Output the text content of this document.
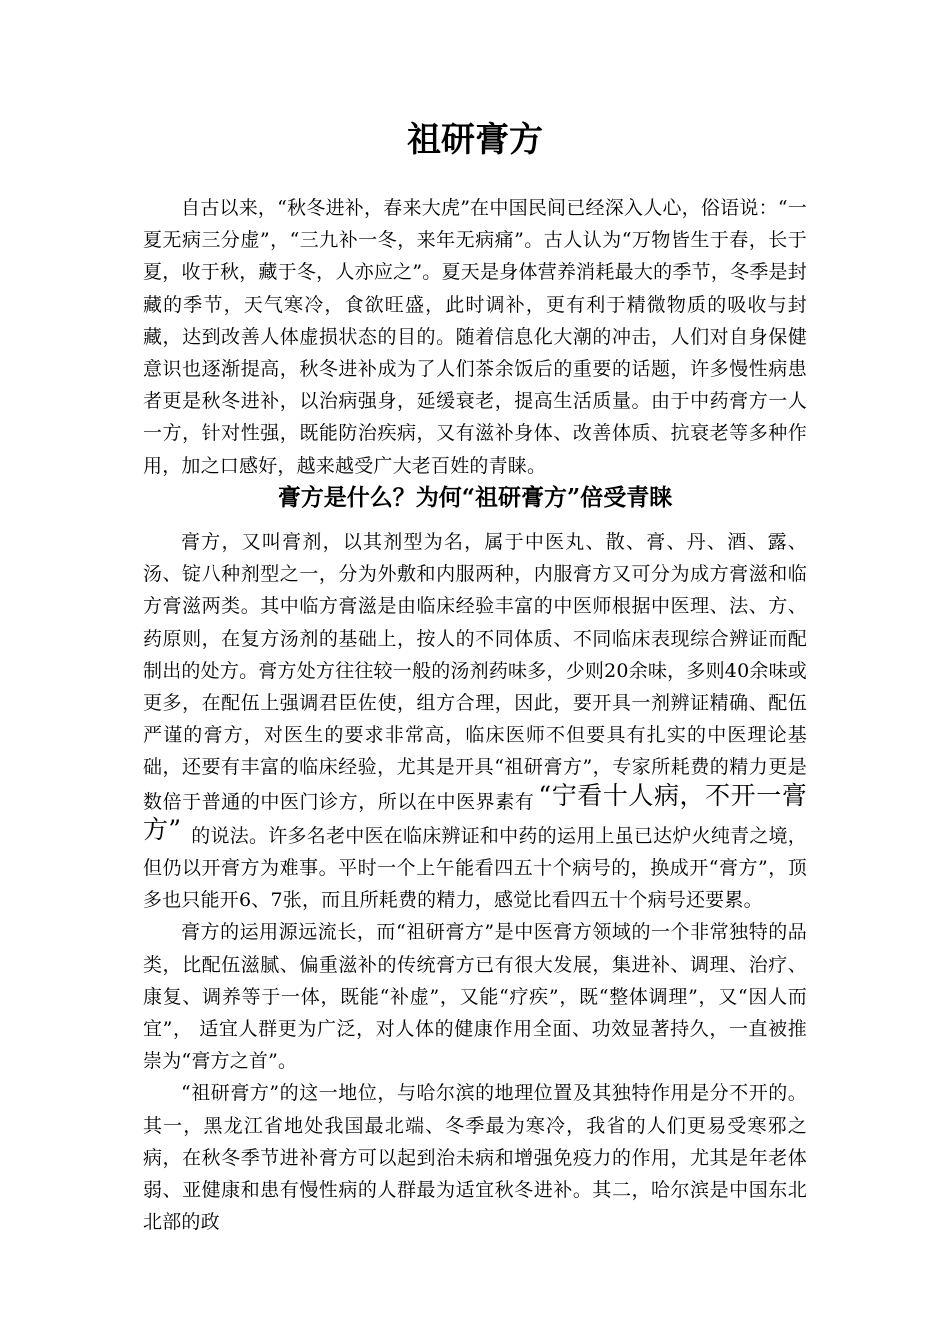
祖研膏方

自古以来，“秋冬进补，春来大虎”在中国民间已经深入人心，俗语说：“一夏无病三分虚”，“三九补一冬，来年无病痛”。古人认为“万物皆生于春，长于夏，收于秋，藏于冬，人亦应之”。夏天是身体营养消耗最大的季节，冬季是封藏的季节，天气寒冷，食欲旺盛，此时调补，更有利于精微物质的吸收与封藏，达到改善人体虚损状态的目的。随着信息化大潮的冲击，人们对自身保健意识也逐渐提高，秋冬进补成为了人们茶余饭后的重要的话题，许多慢性病患者更是秋冬进补，以治病强身，延缓衰老，提高生活质量。由于中药膏方一人一方，针对性强，既能防治疾病，又有滋补身体、改善体质、抗衰老等多种作用，加之口感好，越来越受广大老百姓的青睐。

膏方是什么？为何“祖研膏方”倍受青睐

膏方，又叫膏剂，以其剂型为名，属于中医丸、散、膏、丹、酒、露、汤、锭八种剂型之一，分为外敷和内服两种，内服膏方又可分为成方膏滋和临方膏滋两类。其中临方膏滋是由临床经验丰富的中医师根据中医理、法、方、药原则，在复方汤剂的基础上，按人的不同体质、不同临床表现综合辨证而配制出的处方。膏方处方往往较一般的汤剂药味多，少则20余味，多则40余味或更多，在配伍上强调君臣佐使，组方合理，因此，要开具一剂辨证精确、配伍严谨的膏方，对医生的要求非常高，临床医师不但要具有扎实的中医理论基础，还要有丰富的临床经验，尤其是开具“祖研膏方”，专家所耗费的精力更是数倍于普通的中医门诊方，所以在中医界素有 “宁看十人病，不开一膏方” 的说法。许多名老中医在临床辨证和中药的运用上虽已达炉火纯青之境，但仍以开膏方为难事。平时一个上午能看四五十个病号的，换成开“膏方”，顶多也只能开6、7张，而且所耗费的精力，感觉比看四五十个病号还要累。

膏方的运用源远流长，而“祖研膏方”是中医膏方领域的一个非常独特的品类，比配伍滋腻、偏重滋补的传统膏方已有很大发展，集进补、调理、治疗、康复、调养等于一体，既能“补虚”，又能“疗疾”，既“整体调理”，又“因人而宜”， 适宜人群更为广泛，对人体的健康作用全面、功效显著持久，一直被推崇为“膏方之首”。

“祖研膏方”的这一地位，与哈尔滨的地理位置及其独特作用是分不开的。其一，黑龙江省地处我国最北端、冬季最为寒冷，我省的人们更易受寒邪之病，在秋冬季节进补膏方可以起到治未病和增强免疫力的作用，尤其是年老体弱、亚健康和患有慢性病的人群最为适宜秋冬进补。其二，哈尔滨是中国东北北部的政
